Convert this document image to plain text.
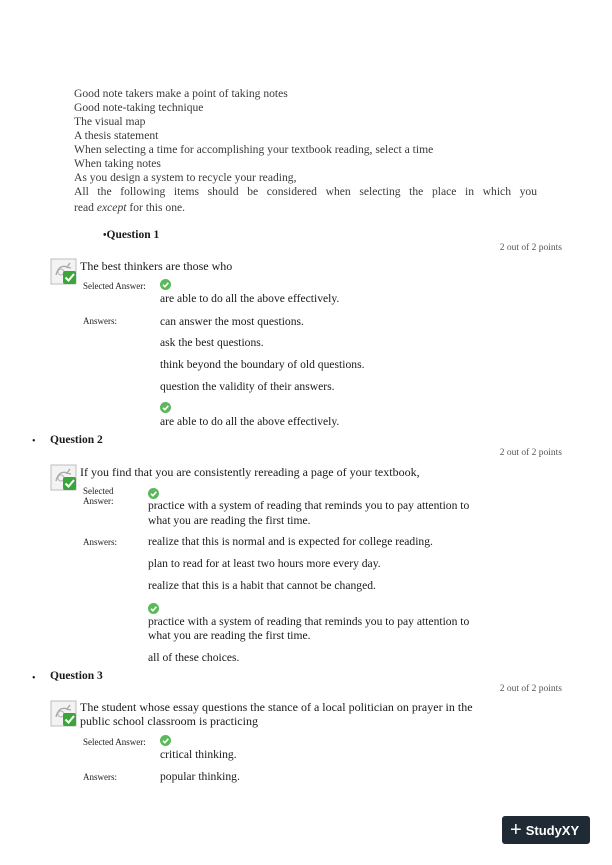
Good note takers make a point of taking notes
Good note-taking technique
The visual map
A thesis statement
When selecting a time for accomplishing your textbook reading, select a time
When taking notes
As you design a system to recycle your reading,
All the following items should be considered when selecting the place in which you
read except for this one.
•Question 1
2 out of 2 points
The best thinkers are those who
Selected Answer:
are able to do all the above effectively.
Answers:	can answer the most questions.
ask the best questions.
think beyond the boundary of old questions.
question the validity of their answers.
are able to do all the above effectively.
• Question 2
2 out of 2 points
If you find that you are consistently rereading a page of your textbook,
Selected
Answer:	practice with a system of reading that reminds you to pay attention to
what you are reading the first time.
Answers:	realize that this is normal and is expected for college reading.
plan to read for at least two hours more every day.
realize that this is a habit that cannot be changed.
practice with a system of reading that reminds you to pay attention to
what you are reading the first time.
all of these choices.
• Question 3
2 out of 2 points
The student whose essay questions the stance of a local politician on prayer in the
public school classroom is practicing
Selected Answer:
critical thinking.
Answers:	popular thinking.
+ StudyXY
